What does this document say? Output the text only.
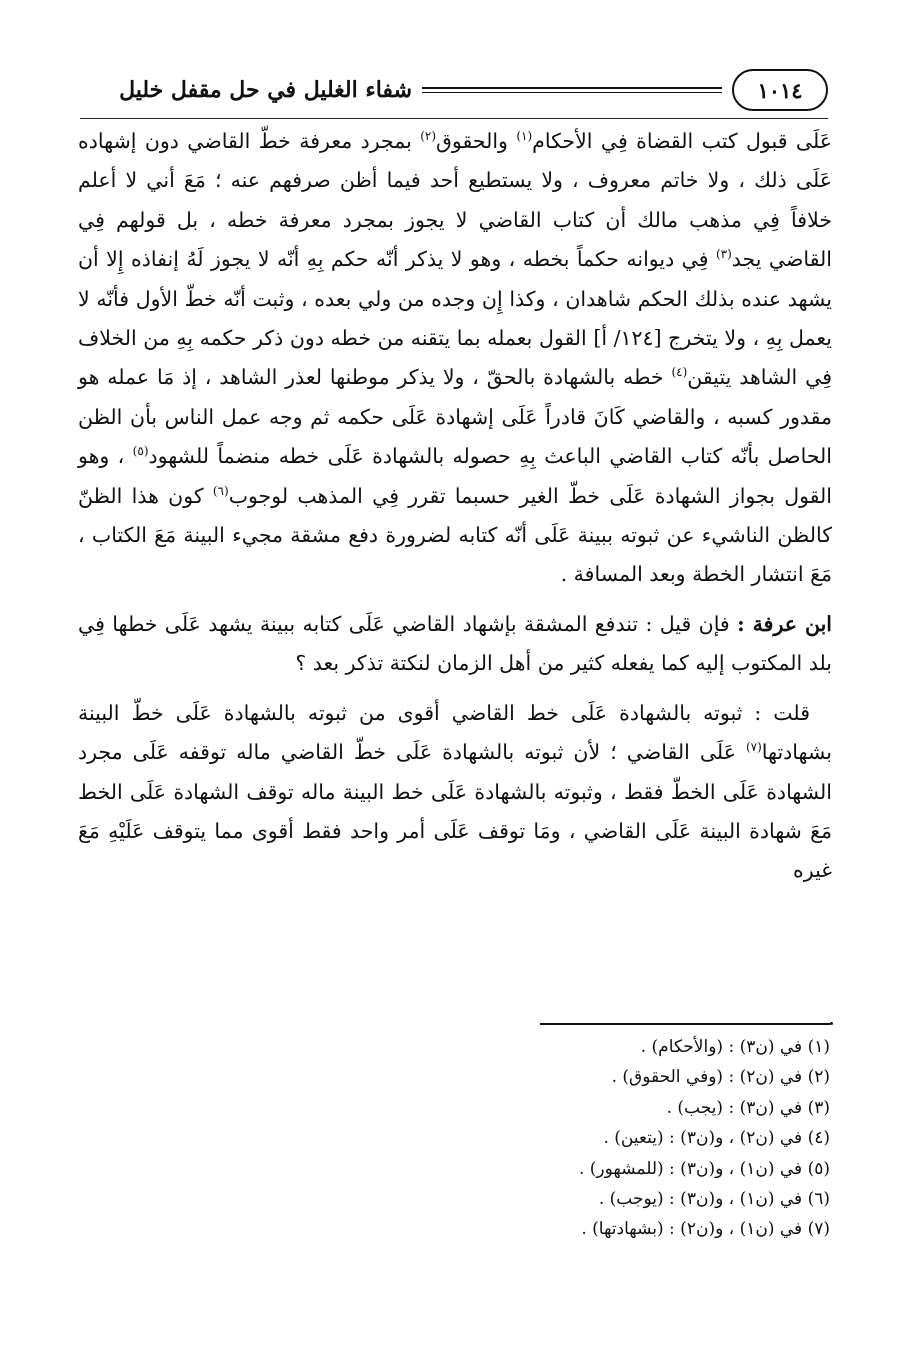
١٠١٤
شفاء الغليل في حل مقفل خليل

عَلَى قبول كتب القضاة فِي الأحكام$^{(١)}$ والحقوق$^{(٢)}$ بمجرد معرفة خطّ القاضي دون إشهاده عَلَى ذلك ، ولا خاتم معروف ، ولا يستطيع أحد فيما أظن صرفهم عنه ؛ مَعَ أني لا أعلم خلافاً فِي مذهب مالك أن كتاب القاضي لا يجوز بمجرد معرفة خطه ، بل قولهم فِي القاضي يجد$^{(٣)}$ فِي ديوانه حكماً بخطه ، وهو لا يذكر أنّه حكم بِهِ أنّه لا يجوز لَهُ إنفاذه إِلا أن يشهد عنده بذلك الحكم شاهدان ، وكذا إِن وجده من ولي بعده ، وثبت أنّه خطّ الأول فأنّه لا يعمل بِهِ ، ولا يتخرج [١٢٤/ أ] القول بعمله بما يتقنه من خطه دون ذكر حكمه بِهِ من الخلاف فِي الشاهد يتيقن$^{(٤)}$ خطه بالشهادة بالحقّ ، ولا يذكر موطنها لعذر الشاهد ، إذ مَا عمله هو مقدور كسبه ، والقاضي كَانَ قادراً عَلَى إشهادة عَلَى حكمه ثم وجه عمل الناس بأن الظن الحاصل بأنّه كتاب القاضي الباعث بِهِ حصوله بالشهادة عَلَى خطه منضماً للشهود$^{(٥)}$ ، وهو القول بجواز الشهادة عَلَى خطّ الغير حسبما تقرر فِي المذهب لوجوب$^{(٦)}$ كون هذا الظنّ كالظن الناشيء عن ثبوته ببينة عَلَى أنّه كتابه لضرورة دفع مشقة مجيء البينة مَعَ الكتاب ، مَعَ انتشار الخطة وبعد المسافة .

ابن عرفة : فإن قيل : تندفع المشقة بإشهاد القاضي عَلَى كتابه ببينة يشهد عَلَى خطها فِي بلد المكتوب إليه كما يفعله كثير من أهل الزمان لنكتة تذكر بعد ؟

قلت : ثبوته بالشهادة عَلَى خط القاضي أقوى من ثبوته بالشهادة عَلَى خطّ البينة بشهادتها$^{(٧)}$ عَلَى القاضي ؛ لأن ثبوته بالشهادة عَلَى خطّ القاضي ماله توقفه عَلَى مجرد الشهادة عَلَى الخطّ فقط ، وثبوته بالشهادة عَلَى خط البينة ماله توقف الشهادة عَلَى الخط مَعَ شهادة البينة عَلَى القاضي ، ومَا توقف عَلَى أمر واحد فقط أقوى مما يتوقف عَلَيْهِ مَعَ غيره

(١) في (ن٣) : (والأحكام) .
(٢) في (ن٢) : (وفي الحقوق) .
(٣) في (ن٣) : (يجب) .
(٤) في (ن٢) ، و(ن٣) : (يتعين) .
(٥) في (ن١) ، و(ن٣) : (للمشهور) .
(٦) في (ن١) ، و(ن٣) : (يوجب) .
(٧) في (ن١) ، و(ن٢) : (بشهادتها) .
